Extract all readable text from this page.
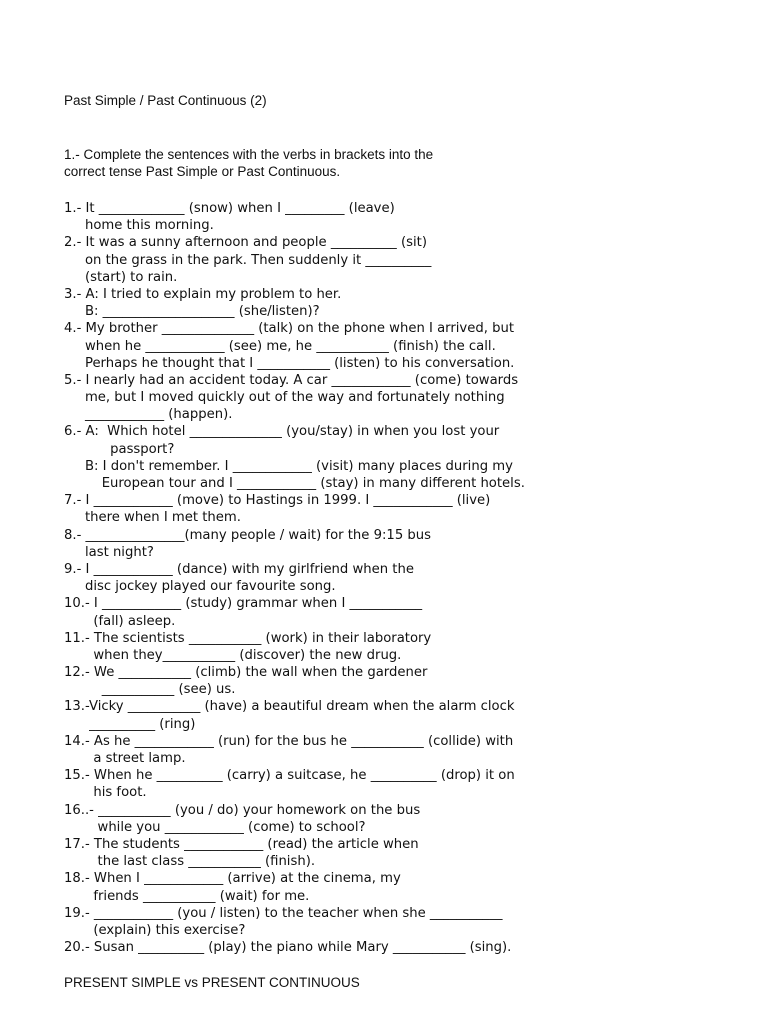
Past Simple / Past Continuous (2)
1.- Complete the sentences with the verbs in brackets into the
correct tense Past Simple or Past Continuous.
1.- It _____________ (snow) when I _________ (leave)
home this morning.
2.- It was a sunny afternoon and people __________ (sit)
on the grass in the park. Then suddenly it __________
(start) to rain.
3.- A: I tried to explain my problem to her.
B: ____________________ (she/listen)?
4.- My brother ______________ (talk) on the phone when I arrived, but
when he ____________ (see) me, he ___________ (finish) the call.
Perhaps he thought that I ___________ (listen) to his conversation.
5.- I nearly had an accident today. A car ____________ (come) towards
me, but I moved quickly out of the way and fortunately nothing
____________ (happen).
6.- A:  Which hotel ______________ (you/stay) in when you lost your
passport?
B: I don't remember. I ____________ (visit) many places during my
European tour and I ____________ (stay) in many different hotels.
7.- I ____________ (move) to Hastings in 1999. I ____________ (live)
there when I met them.
8.- _______________(many people / wait) for the 9:15 bus
last night?
9.- I ____________ (dance) with my girlfriend when the
disc jockey played our favourite song.
10.- I ____________ (study) grammar when I ___________
(fall) asleep.
11.- The scientists ___________ (work) in their laboratory
when they___________ (discover) the new drug.
12.- We ___________ (climb) the wall when the gardener
___________ (see) us.
13.-Vicky ___________ (have) a beautiful dream when the alarm clock
__________ (ring)
14.- As he ____________ (run) for the bus he ___________ (collide) with
a street lamp.
15.- When he __________ (carry) a suitcase, he __________ (drop) it on
his foot.
16..- ___________ (you / do) your homework on the bus
while you ____________ (come) to school?
17.- The students ____________ (read) the article when
the last class ___________ (finish).
18.- When I ____________ (arrive) at the cinema, my
friends ___________ (wait) for me.
19.- ____________ (you / listen) to the teacher when she ___________
(explain) this exercise?
20.- Susan __________ (play) the piano while Mary ___________ (sing).
PRESENT SIMPLE vs PRESENT CONTINUOUS
